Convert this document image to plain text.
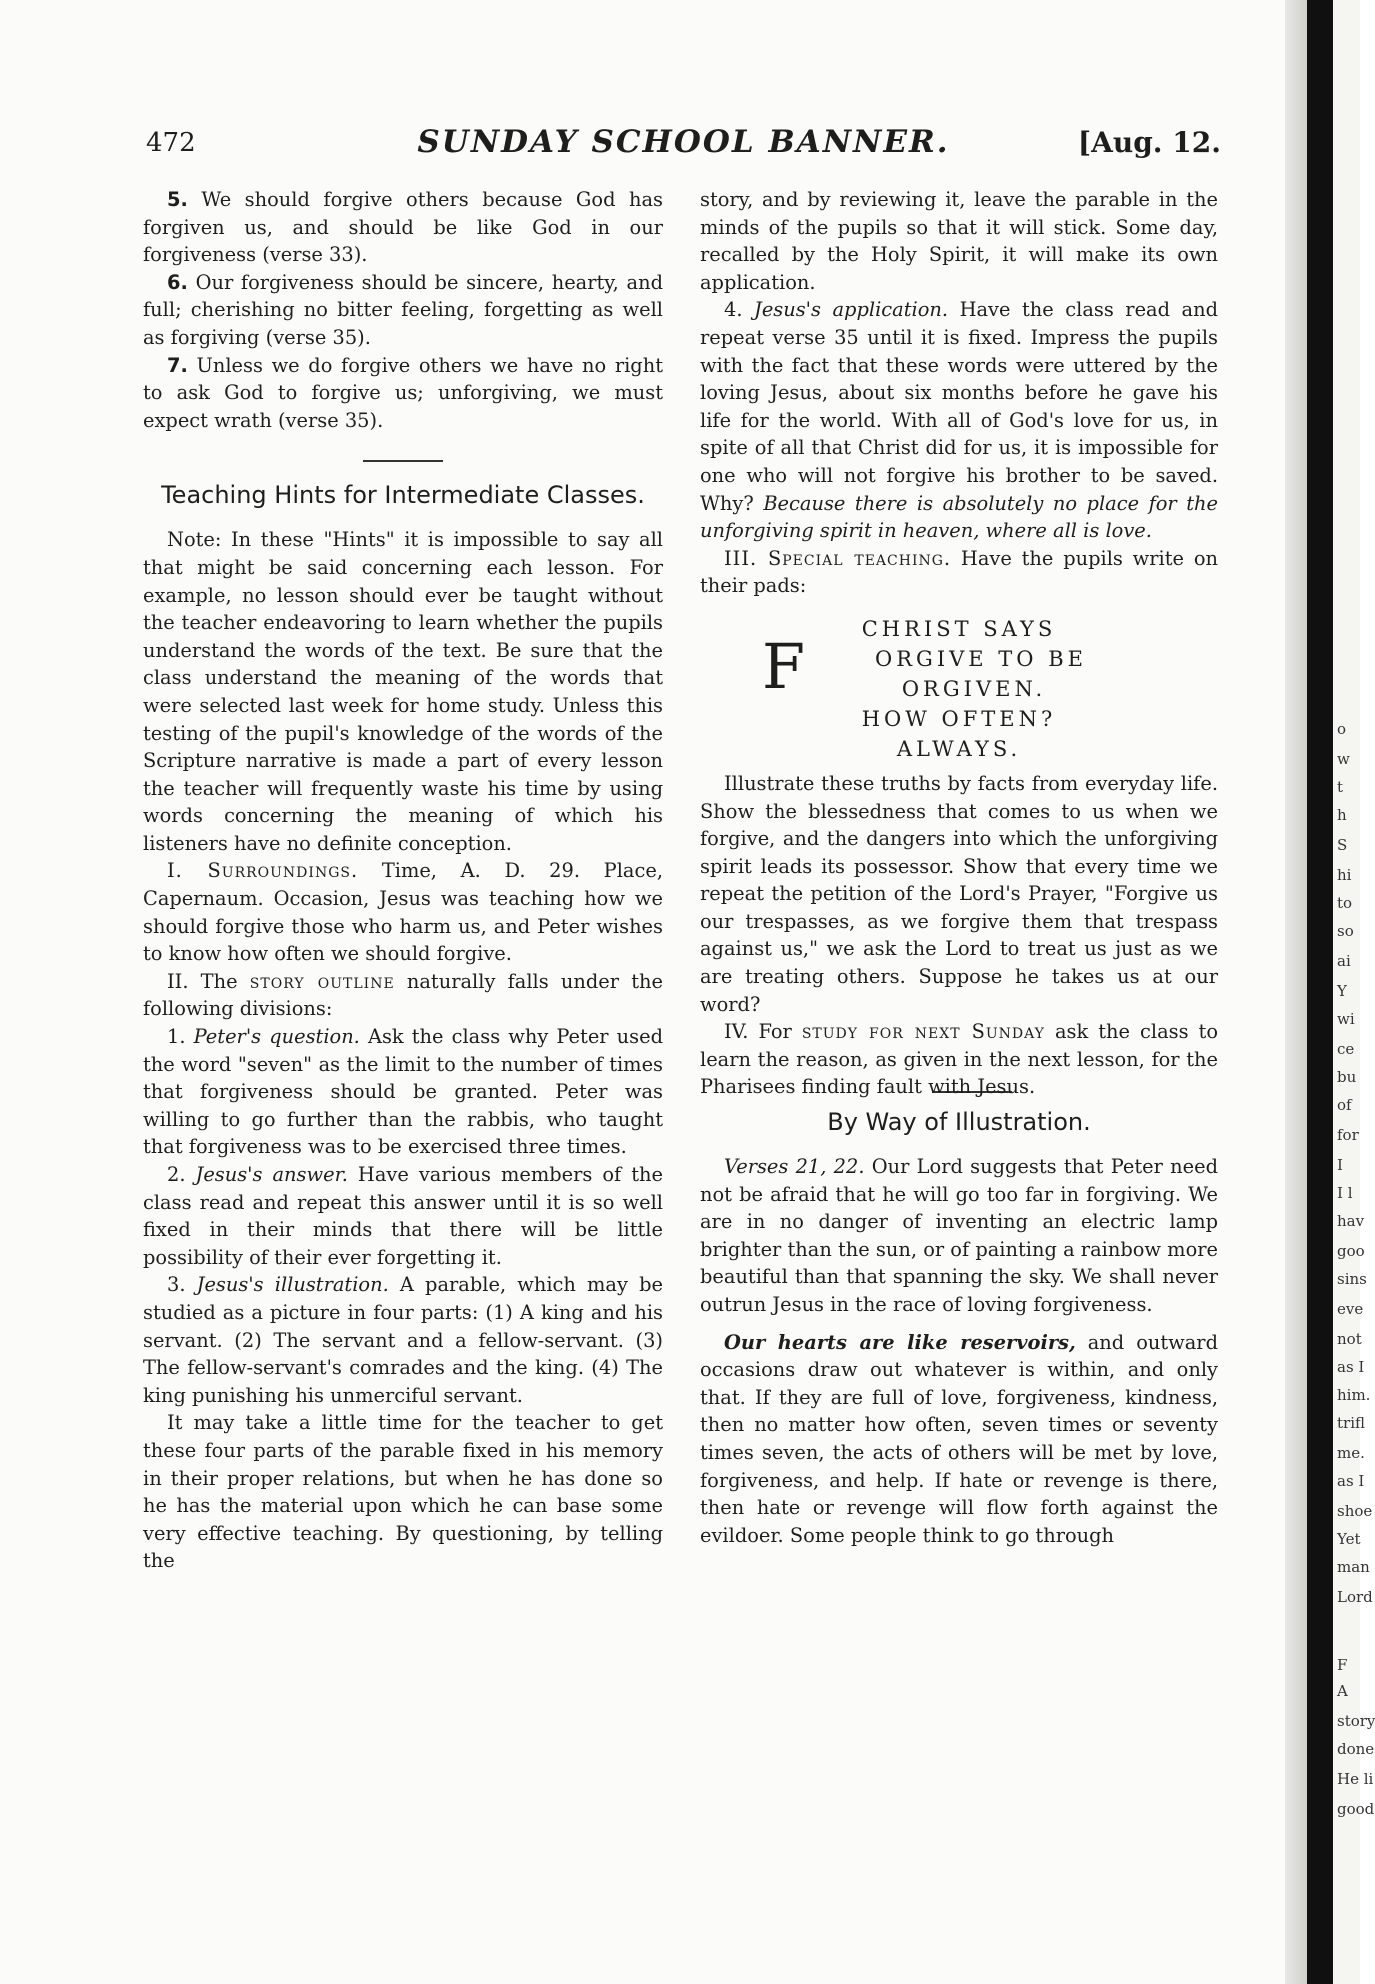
472	SUNDAY SCHOOL BANNER.	[Aug. 12.

5. We should forgive others because God has forgiven us, and should be like God in our forgiveness (verse 33).

6. Our forgiveness should be sincere, hearty, and full; cherishing no bitter feeling, forgetting as well as forgiving (verse 35).

7. Unless we do forgive others we have no right to ask God to forgive us; unforgiving, we must expect wrath (verse 35).

Teaching Hints for Intermediate Classes.

Note: In these "Hints" it is impossible to say all that might be said concerning each lesson. For example, no lesson should ever be taught without the teacher endeavoring to learn whether the pupils understand the words of the text. Be sure that the class understand the meaning of the words that were selected last week for home study. Unless this testing of the pupil's knowledge of the words of the Scripture narrative is made a part of every lesson the teacher will frequently waste his time by using words concerning the meaning of which his listeners have no definite conception.

I. Surroundings. Time, A. D. 29. Place, Capernaum. Occasion, Jesus was teaching how we should forgive those who harm us, and Peter wishes to know how often we should forgive.

II. The story outline naturally falls under the following divisions:

1. Peter's question. Ask the class why Peter used the word "seven" as the limit to the number of times that forgiveness should be granted. Peter was willing to go further than the rabbis, who taught that forgiveness was to be exercised three times.

2. Jesus's answer. Have various members of the class read and repeat this answer until it is so well fixed in their minds that there will be little possibility of their ever forgetting it.

3. Jesus's illustration. A parable, which may be studied as a picture in four parts: (1) A king and his servant. (2) The servant and a fellow-servant. (3) The fellow-servant's comrades and the king. (4) The king punishing his unmerciful servant.

It may take a little time for the teacher to get these four parts of the parable fixed in his memory in their proper relations, but when he has done so he has the material upon which he can base some very effective teaching. By questioning, by telling the

story, and by reviewing it, leave the parable in the minds of the pupils so that it will stick. Some day, recalled by the Holy Spirit, it will make its own application.

4. Jesus's application. Have the class read and repeat verse 35 until it is fixed. Impress the pupils with the fact that these words were uttered by the loving Jesus, about six months before he gave his life for the world. With all of God's love for us, in spite of all that Christ did for us, it is impossible for one who will not forgive his brother to be saved. Why? Because there is absolutely no place for the unforgiving spirit in heaven, where all is love.

III. Special teaching. Have the pupils write on their pads:

CHRIST SAYS
F	ORGIVE TO BE
ORGIVEN.
HOW OFTEN?
ALWAYS.

Illustrate these truths by facts from everyday life. Show the blessedness that comes to us when we forgive, and the dangers into which the unforgiving spirit leads its possessor. Show that every time we repeat the petition of the Lord's Prayer, "Forgive us our trespasses, as we forgive them that trespass against us," we ask the Lord to treat us just as we are treating others. Suppose he takes us at our word?

IV. For study for next Sunday ask the class to learn the reason, as given in the next lesson, for the Pharisees finding fault with Jesus.

By Way of Illustration.

Verses 21, 22. Our Lord suggests that Peter need not be afraid that he will go too far in forgiving. We are in no danger of inventing an electric lamp brighter than the sun, or of painting a rainbow more beautiful than that spanning the sky. We shall never outrun Jesus in the race of loving forgiveness.

Our hearts are like reservoirs, and outward occasions draw out whatever is within, and only that. If they are full of love, forgiveness, kindness, then no matter how often, seven times or seventy times seven, the acts of others will be met by love, forgiveness, and help. If hate or revenge is there, then hate or revenge will flow forth against the evildoer. Some people think to go through

o
w
t
h
S
hi
to
so
ai
Y
wi
ce
bu
of
for
I
I l
hav
goo
sins
eve
not
as I
him.
trifl
me.
as I
shoe
Yet
man
Lord
F
A
story
done
He li
good
